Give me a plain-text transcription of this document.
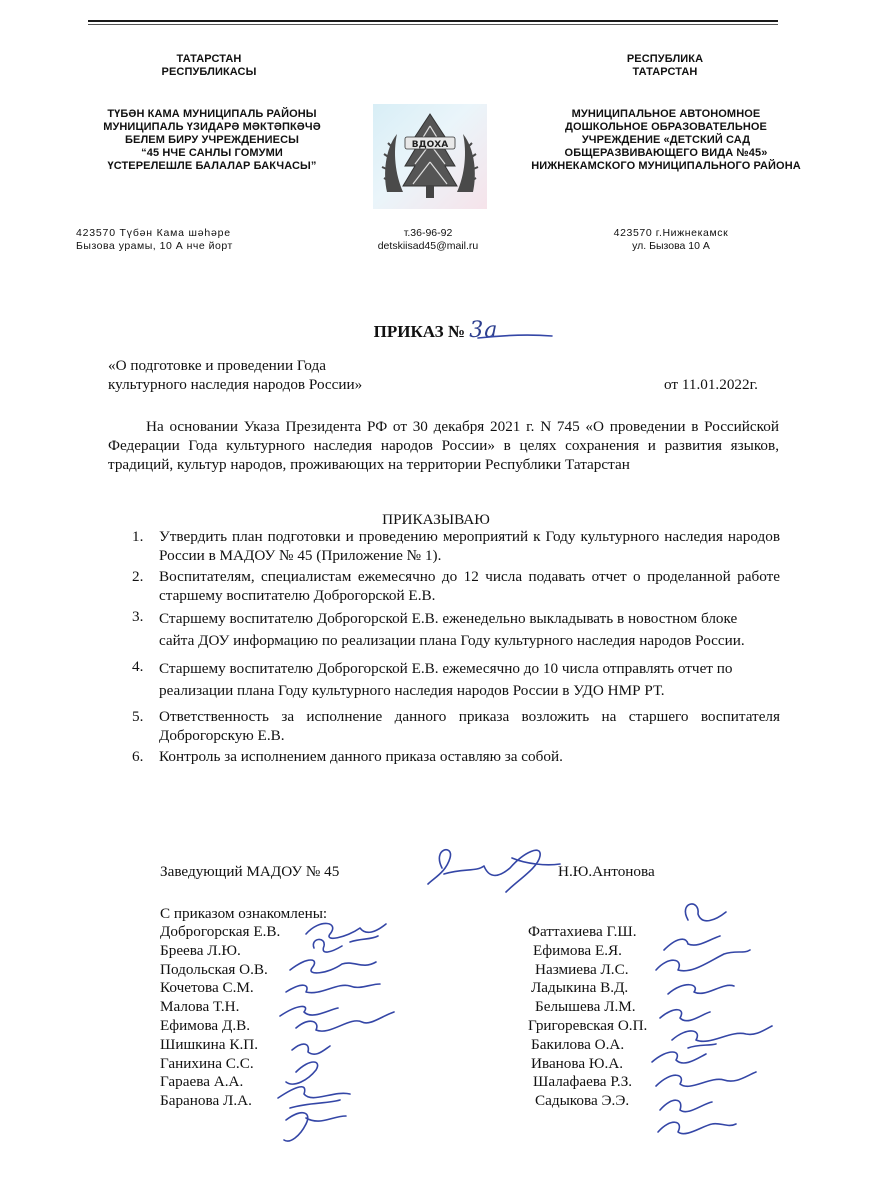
ТАТАРСТАН
РЕСПУБЛИКАСЫ
ТҮБӘН КАМА МУНИЦИПАЛЬ РАЙОНЫ
МУНИЦИПАЛЬ ҮЗИДАРӘ МӘКТӘПКӘЧӘ
БЕЛЕМ БИРУ УЧРЕЖДЕНИЕСЫ
“45 НЧЕ САНЛЫ ГОМУМИ
ҮСТЕРЕЛЕШЛЕ БАЛАЛАР БАКЧАСЫ”
РЕСПУБЛИКА
ТАТАРСТАН
МУНИЦИПАЛЬНОЕ АВТОНОМНОЕ
ДОШКОЛЬНОЕ ОБРАЗОВАТЕЛЬНОЕ
УЧРЕЖДЕНИЕ «ДЕТСКИЙ САД
ОБЩЕРАЗВИВАЮЩЕГО ВИДА №45»
НИЖНЕКАМСКОГО МУНИЦИПАЛЬНОГО РАЙОНА
ВДОХА
423570 Түбән Кама шәһәре
Бызова урамы, 10 А нче йорт
т.36-96-92
detskiisad45@mail.ru
423570 г.Нижнекамск
ул. Бызова 10 А
ПРИКАЗ № 3а
«О подготовке и проведении Года
культурного наследия народов России»	от 11.01.2022г.
На основании Указа Президента РФ от 30 декабря 2021 г. N 745 «О проведении в Российской Федерации Года культурного наследия народов России» в целях сохранения и развития языков, традиций, культур народов, проживающих на территории Республики Татарстан
ПРИКАЗЫВАЮ
1. Утвердить план подготовки и проведению мероприятий к Году культурного наследия народов России в МАДОУ № 45 (Приложение № 1).
2. Воспитателям, специалистам ежемесячно до 12 числа подавать отчет о проделанной работе старшему воспитателю Доброгорской Е.В.
3. Старшему воспитателю Доброгорской Е.В. еженедельно выкладывать в новостном блоке сайта ДОУ информацию по реализации плана Году культурного наследия народов России.
4. Старшему воспитателю Доброгорской Е.В. ежемесячно до 10 числа отправлять отчет по реализации плана Году культурного наследия народов России в УДО НМР РТ.
5. Ответственность за исполнение данного приказа возложить на старшего воспитателя Доброгорскую Е.В.
6. Контроль за исполнением данного приказа оставляю за собой.
Заведующий МАДОУ № 45	Н.Ю.Антонова
С приказом ознакомлены:
Доброгорская Е.В.
Бреева Л.Ю.
Подольская О.В.
Кочетова С.М.
Малова Т.Н.
Ефимова Д.В.
Шишкина К.П.
Ганихина С.С.
Гараева А.А.
Баранова Л.А.
Фаттахиева Г.Ш.
Ефимова Е.Я.
Назмиева Л.С.
Ладыкина В.Д.
Белышева Л.М.
Григоревская О.П.
Бакилова О.А.
Иванова Ю.А.
Шалафаева Р.З.
Садыкова Э.Э.
